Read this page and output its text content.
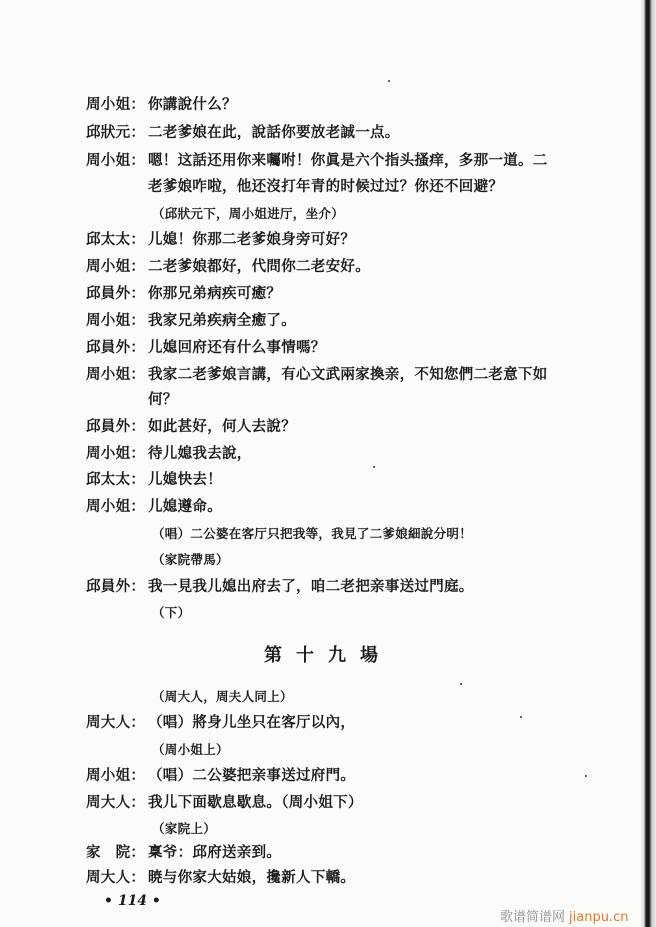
周小姐： 你講說什么？
邱狀元： 二老爹娘在此，說話你要放老誠一点。
周小姐： 嗯！这話还用你来囑咐！你眞是六个指头搔痒，多那一道。二
老爹娘咋啦，他还沒打年青的时候过过？你还不回避？
（邱狀元下，周小姐进厅，坐介）
邱太太： 儿媳！你那二老爹娘身旁可好？
周小姐： 二老爹娘都好，代問你二老安好。
邱員外： 你那兄弟病疾可癒？
周小姐： 我家兄弟疾病全癒了。
邱員外： 儿媳回府还有什么事情嗎？
周小姐： 我家二老爹娘言講，有心文武兩家換亲，不知您們二老意下如
何？
邱員外： 如此甚好，何人去說？
周小姐： 待儿媳我去說，
邱太太： 儿媳快去！
周小姐： 儿媳遵命。
（唱）二公婆在客厅只把我等，我見了二爹娘細說分明！
（家院帶馬）
邱員外： 我一見我儿媳出府去了，咱二老把亲事送过門庭。
（下）
第十九場
（周大人，周夫人同上）
周大人： （唱）將身儿坐只在客厅以內，
（周小姐上）
周小姐： （唱）二公婆把亲事送过府門。
周大人： 我儿下面歇息歇息。（周小姐下）
（家院上）
家　院： 稟爷：邱府送亲到。
周大人： 暁与你家大姑娘，攙新人下轎。
• 114 •
歌谱简谱网 jianpu.cn
